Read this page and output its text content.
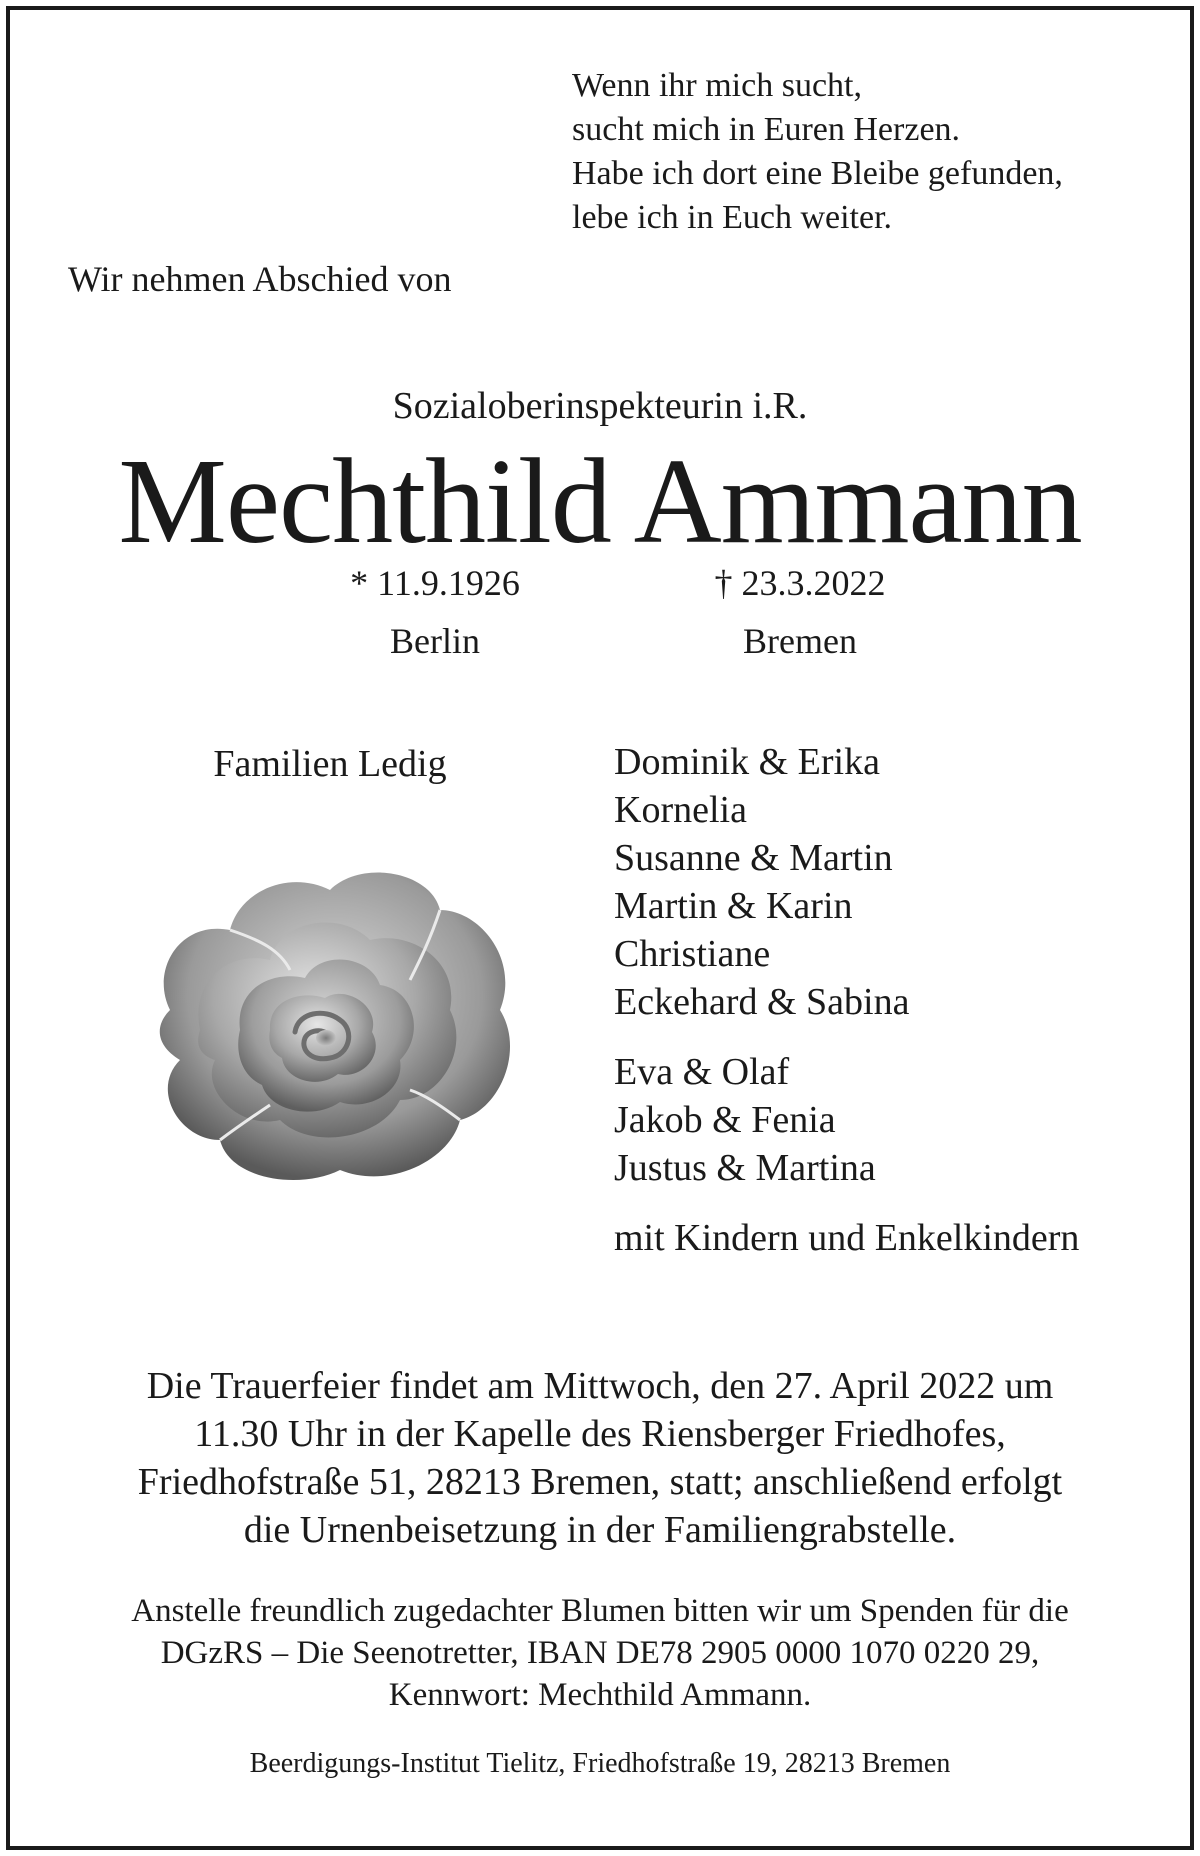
Wenn ihr mich sucht,
sucht mich in Euren Herzen.
Habe ich dort eine Bleibe gefunden,
lebe ich in Euch weiter.
Wir nehmen Abschied von
Sozialoberinspekteurin i.R.
Mechthild Ammann
* 11.9.1926
Berlin
† 23.3.2022
Bremen
Familien Ledig	Dominik & Erika
Kornelia
Susanne & Martin
Martin & Karin
Christiane
Eckehard & Sabina
Eva & Olaf
Jakob & Fenia
Justus & Martina
mit Kindern und Enkelkindern
Die Trauerfeier findet am Mittwoch, den 27. April 2022 um
11.30 Uhr in der Kapelle des Riensberger Friedhofes,
Friedhofstraße 51, 28213 Bremen, statt; anschließend erfolgt
die Urnenbeisetzung in der Familiengrabstelle.
Anstelle freundlich zugedachter Blumen bitten wir um Spenden für die
DGzRS – Die Seenotretter, IBAN DE78 2905 0000 1070 0220 29,
Kennwort: Mechthild Ammann.
Beerdigungs-Institut Tielitz, Friedhofstraße 19, 28213 Bremen
